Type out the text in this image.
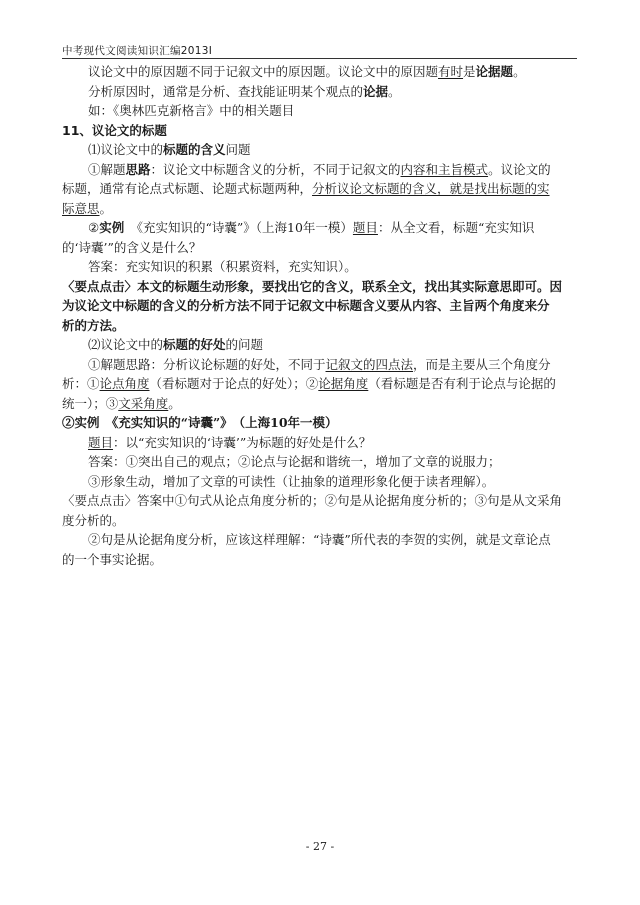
中考现代文阅读知识汇编2013Ⅰ
议论文中的原因题不同于记叙文中的原因题。议论文中的原因题有时是论据题。
分析原因时，通常是分析、查找能证明某个观点的论据。
如：《奥林匹克新格言》中的相关题目
11、议论文的标题
⑴议论文中的标题的含义问题
①解题思路：议论文中标题含义的分析，不同于记叙文的内容和主旨模式。议论文的
标题，通常有论点式标题、论题式标题两种，分析议论文标题的含义，就是找出标题的实
际意思。
②实例　《充实知识的“诗囊”》（上海10年一模）题目：从全文看，标题“充实知识
的‘诗囊’”的含义是什么？
答案：充实知识的积累（积累资料，充实知识）。
〈要点点击〉本文的标题生动形象，要找出它的含义，联系全文，找出其实际意思即可。因
为议论文中标题的含义的分析方法不同于记叙文中标题含义要从内容、主旨两个角度来分
析的方法。
⑵议论文中的标题的好处的问题
①解题思路：分析议论标题的好处，不同于记叙文的四点法，而是主要从三个角度分
析：①论点角度（看标题对于论点的好处）；②论据角度（看标题是否有利于论点与论据的
统一）；③文采角度。
②实例　《充实知识的“诗囊”》　（上海10年一模）
题目：以“充实知识的‘诗囊’”为标题的好处是什么？
答案：①突出自己的观点；②论点与论据和谐统一，增加了文章的说服力；
③形象生动，增加了文章的可读性（让抽象的道理形象化便于读者理解）。
〈要点点击〉答案中①句式从论点角度分析的；②句是从论据角度分析的；③句是从文采角
度分析的。
②句是从论据角度分析，应该这样理解：“诗囊”所代表的李贺的实例，就是文章论点
的一个事实论据。
- 27 -
